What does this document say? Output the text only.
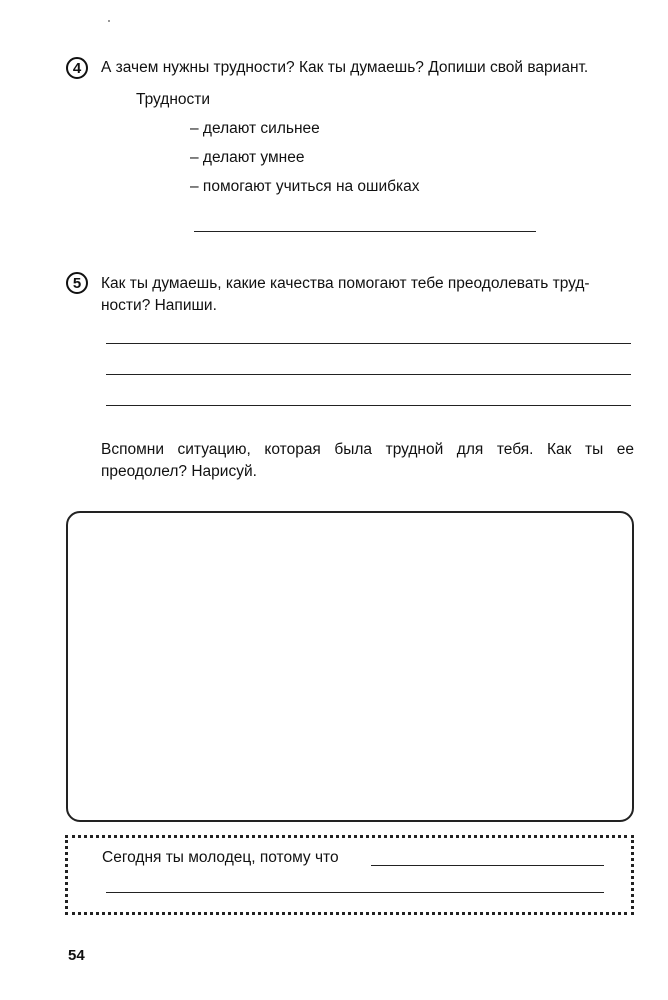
4 А зачем нужны трудности? Как ты думаешь? Допиши свой вариант.
Трудности
– делают сильнее
– делают умнее
– помогают учиться на ошибках
5 Как ты думаешь, какие качества помогают тебе преодолевать труд-
ности? Напиши.
Вспомни ситуацию, которая была трудной для тебя. Как ты ее
преодолел? Нарисуй.
Сегодня ты молодец, потому что
54
